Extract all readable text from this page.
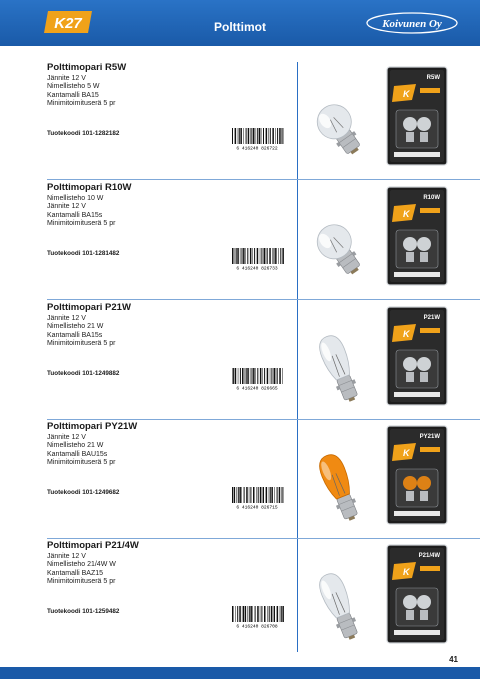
K27	Polttimot	Koivunen Oy
Polttimopari R5W
Jännite 12 V
Nimellisteho 5 W
Kantamalli BA15
Minimitoimituserä 5 pr
Tuotekoodi 101-1282182
6 416240 826722
K
R5W
Polttimopari R10W
Nimellisteho 10 W
Jännite 12 V
Kantamalli BA15s
Minimitoimituserä 5 pr
Tuotekoodi 101-1281482
6 416240 826733
K
R10W
Polttimopari P21W
Jännite 12 V
Nimellisteho 21 W
Kantamalli BA15s
Minimitoimituserä 5 pr
Tuotekoodi 101-1249882
6 416240 826665
K
P21W
Polttimopari PY21W
Jännite 12 V
Nimellisteho 21 W
Kantamalli BAU15s
Minimitoimituserä 5 pr
Tuotekoodi 101-1249682
6 416240 826715
K
PY21W
Polttimopari P21/4W
Jännite 12 V
Nimellisteho 21/4W W
Kantamalli BAZ15
Minimitoimituserä 5 pr
Tuotekoodi 101-1259482
6 416240 826708
K
P21/4W
41
